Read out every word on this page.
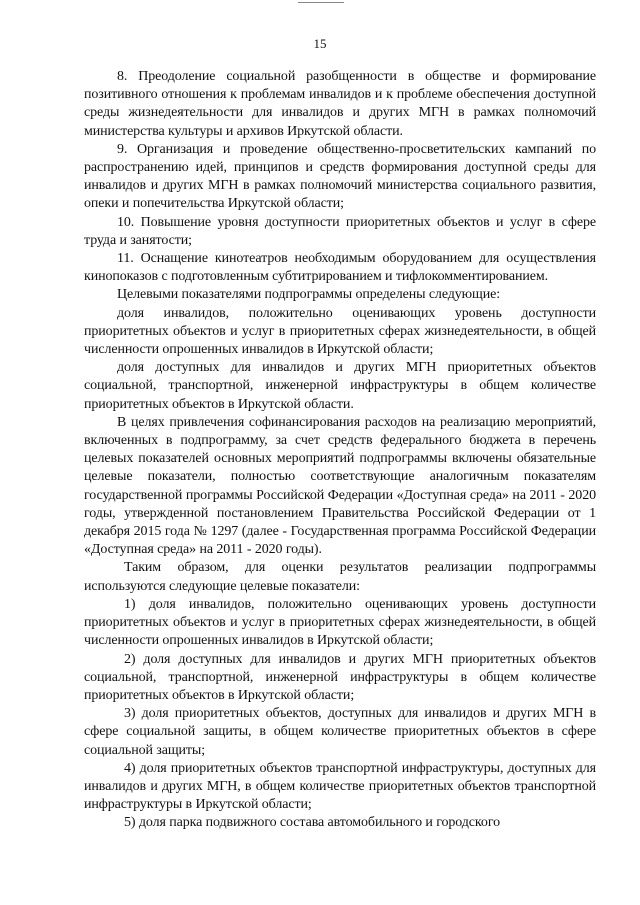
15

8. Преодоление социальной разобщенности в обществе и формирование позитивного отношения к проблемам инвалидов и к проблеме обеспечения доступной среды жизнедеятельности для инвалидов и других МГН в рамках полномочий министерства культуры и архивов Иркутской области.

9. Организация и проведение общественно-просветительских кампаний по распространению идей, принципов и средств формирования доступной среды для инвалидов и других МГН в рамках полномочий министерства социального развития, опеки и попечительства Иркутской области;

10. Повышение уровня доступности приоритетных объектов и услуг в сфере труда и занятости;

11. Оснащение кинотеатров необходимым оборудованием для осуществления кинопоказов с подготовленным субтитрированием и тифлокомментированием.

Целевыми показателями подпрограммы определены следующие:

доля инвалидов, положительно оценивающих уровень доступности приоритетных объектов и услуг в приоритетных сферах жизнедеятельности, в общей численности опрошенных инвалидов в Иркутской области;

доля доступных для инвалидов и других МГН приоритетных объектов социальной, транспортной, инженерной инфраструктуры в общем количестве приоритетных объектов в Иркутской области.

В целях привлечения софинансирования расходов на реализацию мероприятий, включенных в подпрограмму, за счет средств федерального бюджета в перечень целевых показателей основных мероприятий подпрограммы включены обязательные целевые показатели, полностью соответствующие аналогичным показателям государственной программы Российской Федерации «Доступная среда» на 2011 - 2020 годы, утвержденной постановлением Правительства Российской Федерации от 1 декабря 2015 года № 1297 (далее - Государственная программа Российской Федерации «Доступная среда» на 2011 - 2020 годы).

Таким образом, для оценки результатов реализации подпрограммы используются следующие целевые показатели:

1) доля инвалидов, положительно оценивающих уровень доступности приоритетных объектов и услуг в приоритетных сферах жизнедеятельности, в общей численности опрошенных инвалидов в Иркутской области;

2) доля доступных для инвалидов и других МГН приоритетных объектов социальной, транспортной, инженерной инфраструктуры в общем количестве приоритетных объектов в Иркутской области;

3) доля приоритетных объектов, доступных для инвалидов и других МГН в сфере социальной защиты, в общем количестве приоритетных объектов в сфере социальной защиты;

4) доля приоритетных объектов транспортной инфраструктуры, доступных для инвалидов и других МГН, в общем количестве приоритетных объектов транспортной инфраструктуры в Иркутской области;

5) доля парка подвижного состава автомобильного и городского
